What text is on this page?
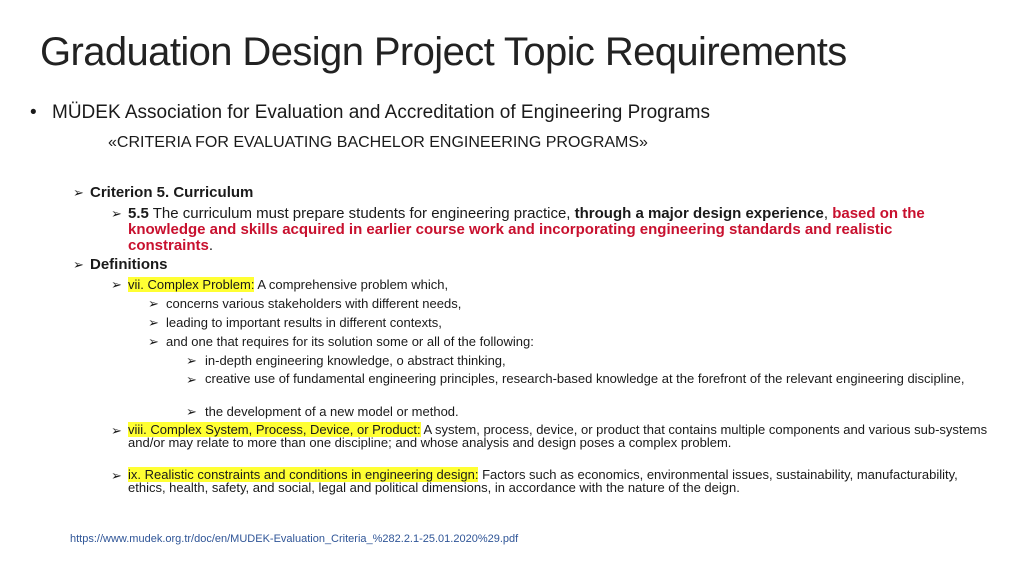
Graduation Design Project Topic Requirements
• MÜDEK Association for Evaluation and Accreditation of Engineering Programs
«CRITERIA FOR EVALUATING BACHELOR ENGINEERING PROGRAMS»
➢ Criterion 5. Curriculum
➢ 5.5 The curriculum must prepare students for engineering practice, through a major design experience, based on the knowledge and skills acquired in earlier course work and incorporating engineering standards and realistic constraints.
➢ Definitions
➢ vii. Complex Problem: A comprehensive problem which,
➢ concerns various stakeholders with different needs,
➢ leading to important results in different contexts,
➢ and one that requires for its solution some or all of the following:
➢ in-depth engineering knowledge, o abstract thinking,
➢ creative use of fundamental engineering principles, research-based knowledge at the forefront of the relevant engineering discipline,
➢ the development of a new model or method.
➢ viii. Complex System, Process, Device, or Product: A system, process, device, or product that contains multiple components and various sub-systems and/or may relate to more than one discipline; and whose analysis and design poses a complex problem.
➢ ix. Realistic constraints and conditions in engineering design: Factors such as economics, environmental issues, sustainability, manufacturability, ethics, health, safety, and social, legal and political dimensions, in accordance with the nature of the deign.
https://www.mudek.org.tr/doc/en/MUDEK-Evaluation_Criteria_%282.2.1-25.01.2020%29.pdf
